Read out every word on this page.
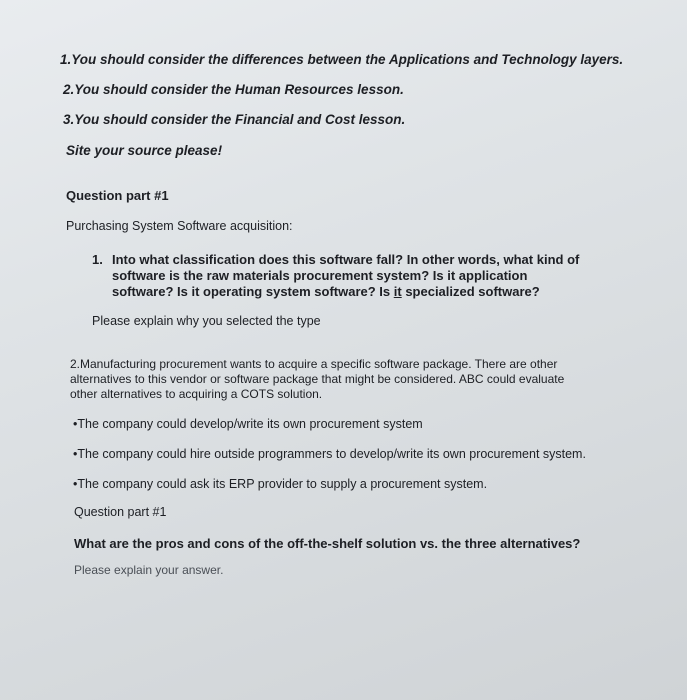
1.You should consider the differences between the Applications and Technology layers.
2.You should consider the Human Resources lesson.
3.You should consider the Financial and Cost lesson.
Site your source please!
Question part #1
Purchasing System Software acquisition:
1. Into what classification does this software fall? In other words, what kind of
software is the raw materials procurement system? Is it application
software? Is it operating system software? Is it specialized software?
Please explain why you selected the type
2.Manufacturing procurement wants to acquire a specific software package. There are other
alternatives to this vendor or software package that might be considered. ABC could evaluate
other alternatives to acquiring a COTS solution.
•The company could develop/write its own procurement system
•The company could hire outside programmers to develop/write its own procurement system.
•The company could ask its ERP provider to supply a procurement system.
Question part #1
What are the pros and cons of the off-the-shelf solution vs. the three alternatives?
Please explain your answer.
